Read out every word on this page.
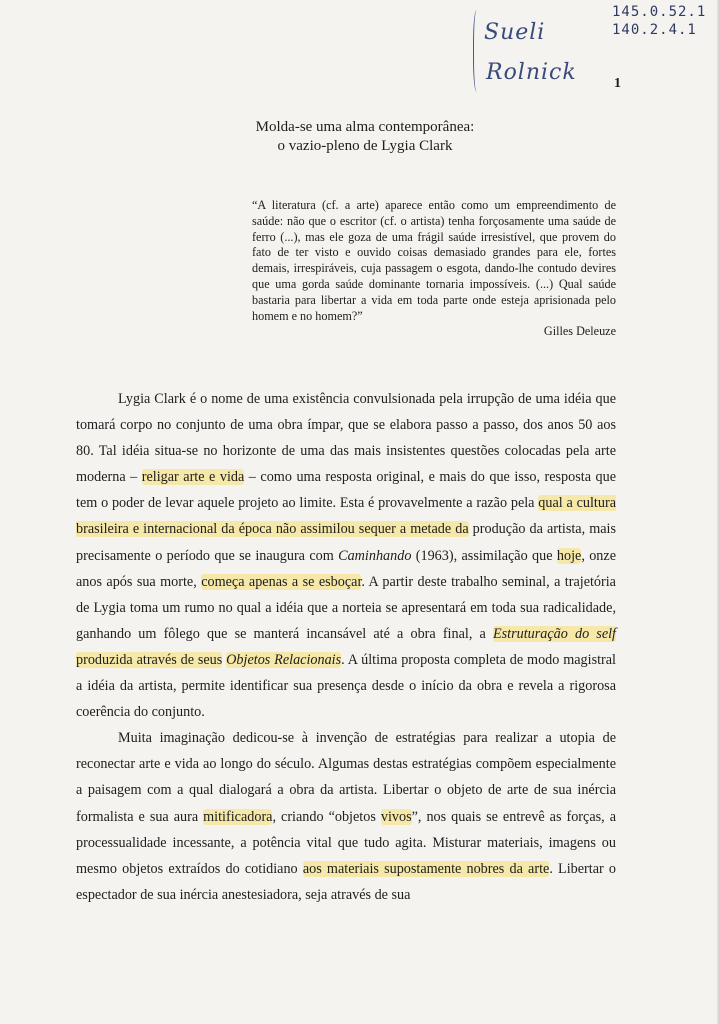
Sueli
Rolnick
145.0.52.1
140.2.4.1
1
Molda-se uma alma contemporânea:
o vazio-pleno de Lygia Clark
“A literatura (cf. a arte) aparece então como um empreendimento de saúde: não que o escritor (cf. o artista) tenha forçosamente uma saúde de ferro (...), mas ele goza de uma frágil saúde irresistível, que provem do fato de ter visto e ouvido coisas demasiado grandes para ele, fortes demais, irrespiráveis, cuja passagem o esgota, dando-lhe contudo devires que uma gorda saúde dominante tornaria impossíveis. (...) Qual saúde bastaria para libertar a vida em toda parte onde esteja aprisionada pelo homem e no homem?”
Gilles Deleuze

Lygia Clark é o nome de uma existência convulsionada pela irrupção de uma idéia que tomará corpo no conjunto de uma obra ímpar, que se elabora passo a passo, dos anos 50 aos 80. Tal idéia situa-se no horizonte de uma das mais insistentes questões colocadas pela arte moderna – religar arte e vida – como uma resposta original, e mais do que isso, resposta que tem o poder de levar aquele projeto ao limite. Esta é provavelmente a razão pela qual a cultura brasileira e internacional da época não assimilou sequer a metade da produção da artista, mais precisamente o período que se inaugura com Caminhando (1963), assimilação que hoje, onze anos após sua morte, começa apenas a se esboçar. A partir deste trabalho seminal, a trajetória de Lygia toma um rumo no qual a idéia que a norteia se apresentará em toda sua radicalidade, ganhando um fôlego que se manterá incansável até a obra final, a Estruturação do self produzida através de seus Objetos Relacionais. A última proposta completa de modo magistral a idéia da artista, permite identificar sua presença desde o início da obra e revela a rigorosa coerência do conjunto.

Muita imaginação dedicou-se à invenção de estratégias para realizar a utopia de reconectar arte e vida ao longo do século. Algumas destas estratégias compõem especialmente a paisagem com a qual dialogará a obra da artista. Libertar o objeto de arte de sua inércia formalista e sua aura mitificadora, criando “objetos vivos”, nos quais se entrevê as forças, a processualidade incessante, a potência vital que tudo agita. Misturar materiais, imagens ou mesmo objetos extraídos do cotidiano aos materiais supostamente nobres da arte. Libertar o espectador de sua inércia anestesiadora, seja através de sua
